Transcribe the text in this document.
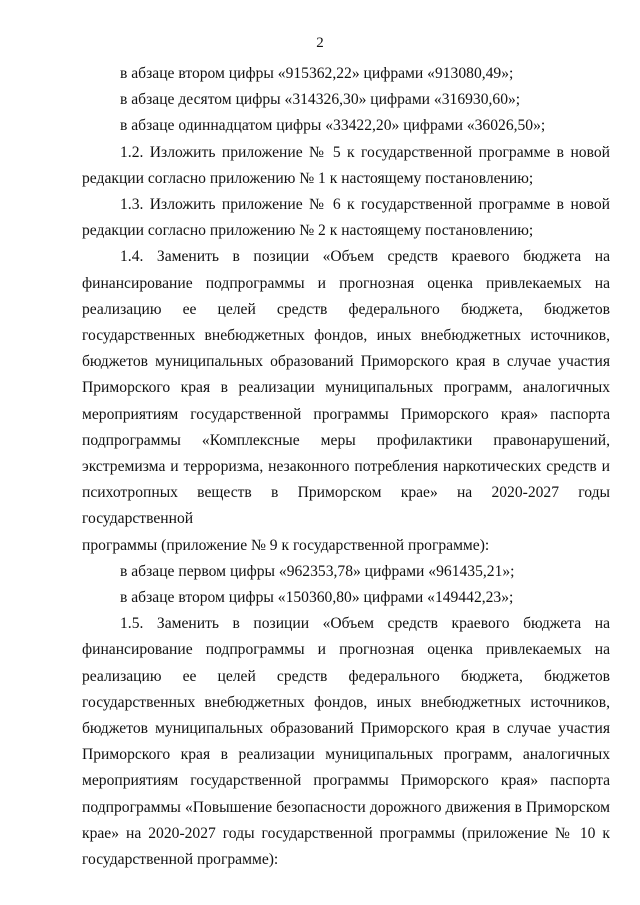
2
в абзаце втором цифры «915362,22» цифрами «913080,49»;
в абзаце десятом цифры «314326,30» цифрами «316930,60»;
в абзаце одиннадцатом цифры «33422,20» цифрами «36026,50»;
1.2. Изложить приложение № 5 к государственной программе в новой
редакции согласно приложению № 1 к настоящему постановлению;
1.3. Изложить приложение № 6 к государственной программе в новой
редакции согласно приложению № 2 к настоящему постановлению;
1.4. Заменить в позиции «Объем средств краевого бюджета на
финансирование подпрограммы и прогнозная оценка привлекаемых на
реализацию ее целей средств федерального бюджета, бюджетов
государственных внебюджетных фондов, иных внебюджетных источников,
бюджетов муниципальных образований Приморского края в случае участия
Приморского края в реализации муниципальных программ, аналогичных
мероприятиям государственной программы Приморского края» паспорта
подпрограммы «Комплексные меры профилактики правонарушений,
экстремизма и терроризма, незаконного потребления наркотических средств и
психотропных веществ в Приморском крае» на 2020-2027 годы государственной
программы (приложение № 9 к государственной программе):
в абзаце первом цифры «962353,78» цифрами «961435,21»;
в абзаце втором цифры «150360,80» цифрами «149442,23»;
1.5. Заменить в позиции «Объем средств краевого бюджета на
финансирование подпрограммы и прогнозная оценка привлекаемых на
реализацию ее целей средств федерального бюджета, бюджетов
государственных внебюджетных фондов, иных внебюджетных источников,
бюджетов муниципальных образований Приморского края в случае участия
Приморского края в реализации муниципальных программ, аналогичных
мероприятиям государственной программы Приморского края» паспорта
подпрограммы «Повышение безопасности дорожного движения в Приморском
крае» на 2020-2027 годы государственной программы (приложение № 10 к
государственной программе):
